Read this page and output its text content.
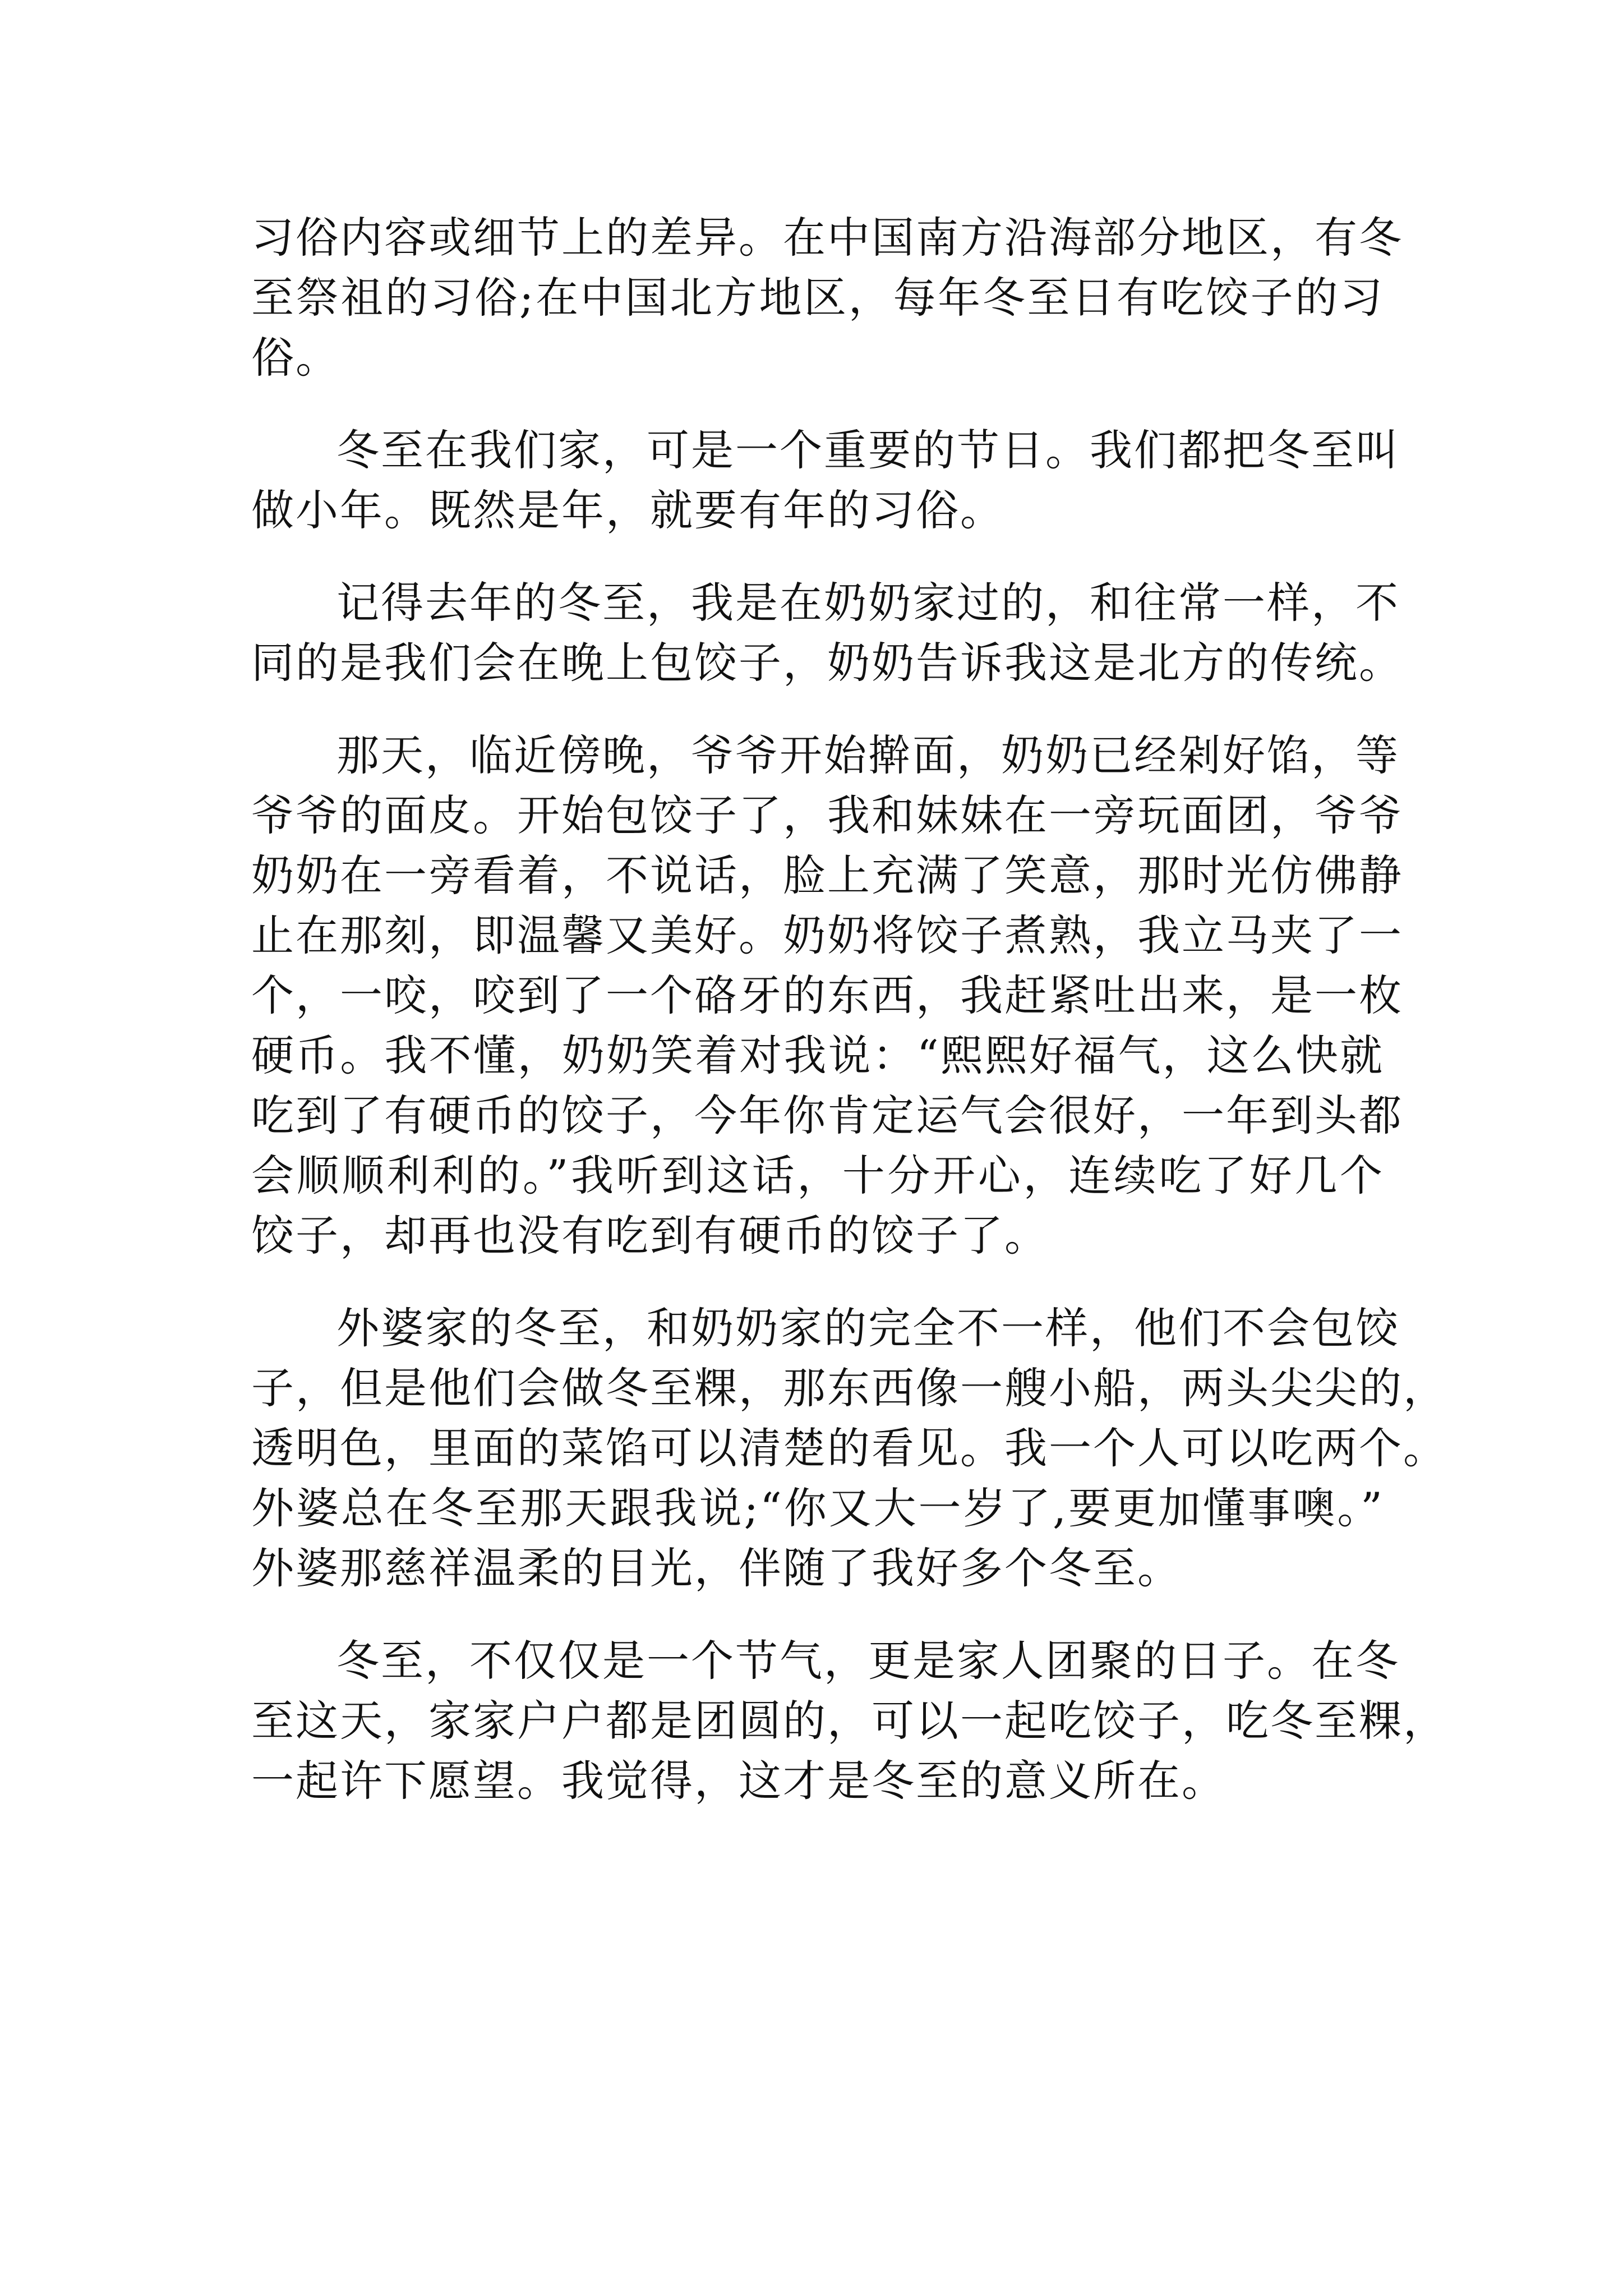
习俗内容或细节上的差异。在中国南方沿海部分地区，有冬
至祭祖的习俗;在中国北方地区，每年冬至日有吃饺子的习
俗。
冬至在我们家，可是一个重要的节日。我们都把冬至叫
做小年。既然是年，就要有年的习俗。
记得去年的冬至，我是在奶奶家过的，和往常一样，不
同的是我们会在晚上包饺子，奶奶告诉我这是北方的传统。
那天，临近傍晚，爷爷开始擀面，奶奶已经剁好馅，等
爷爷的面皮。开始包饺子了，我和妹妹在一旁玩面团，爷爷
奶奶在一旁看着，不说话，脸上充满了笑意，那时光仿佛静
止在那刻，即温馨又美好。奶奶将饺子煮熟，我立马夹了一
个，一咬，咬到了一个硌牙的东西，我赶紧吐出来，是一枚
硬币。我不懂，奶奶笑着对我说：“熙熙好福气，这么快就
吃到了有硬币的饺子，今年你肯定运气会很好，一年到头都
会顺顺利利的。”我听到这话，十分开心，连续吃了好几个
饺子，却再也没有吃到有硬币的饺子了。
外婆家的冬至，和奶奶家的完全不一样，他们不会包饺
子，但是他们会做冬至粿，那东西像一艘小船，两头尖尖的，
透明色，里面的菜馅可以清楚的看见。我一个人可以吃两个。
外婆总在冬至那天跟我说;“你又大一岁了,要更加懂事噢。”
外婆那慈祥温柔的目光，伴随了我好多个冬至。
冬至，不仅仅是一个节气，更是家人团聚的日子。在冬
至这天，家家户户都是团圆的，可以一起吃饺子，吃冬至粿，
一起许下愿望。我觉得，这才是冬至的意义所在。
